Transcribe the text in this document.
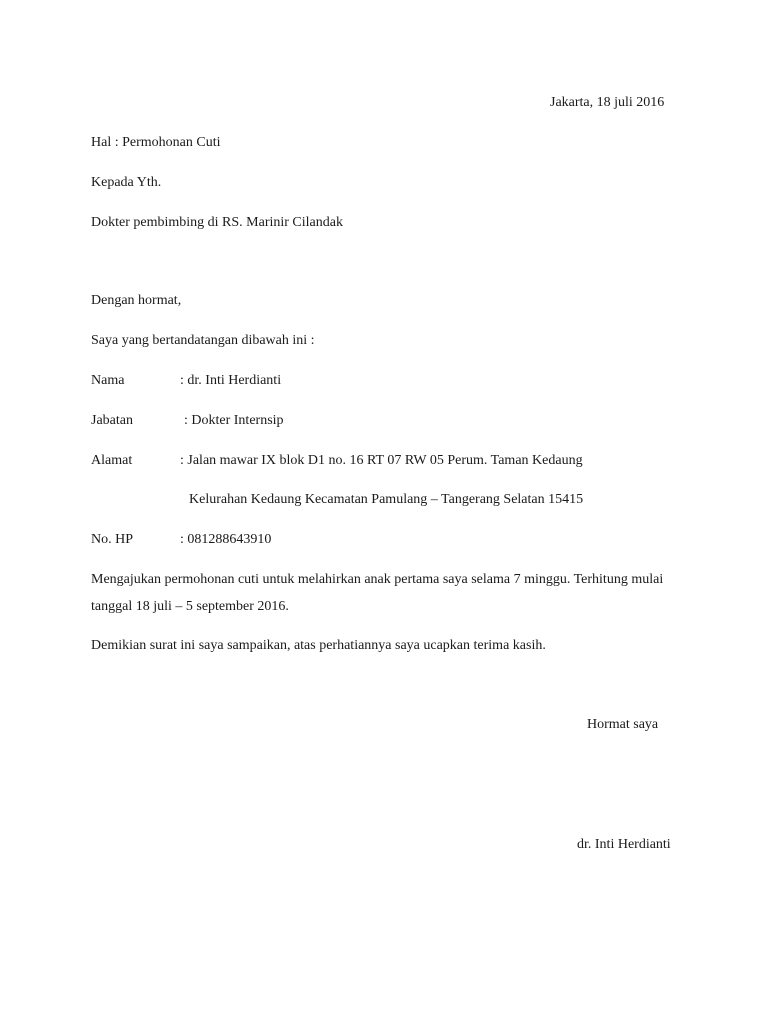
Jakarta, 18 juli 2016
Hal : Permohonan Cuti
Kepada Yth.
Dokter pembimbing di RS. Marinir Cilandak
Dengan hormat,
Saya yang bertandatangan dibawah ini :
Nama	: dr. Inti Herdianti
Jabatan	: Dokter Internsip
Alamat	: Jalan mawar IX blok D1 no. 16 RT 07 RW 05 Perum. Taman Kedaung
Kelurahan Kedaung Kecamatan Pamulang – Tangerang Selatan 15415
No. HP	: 081288643910
Mengajukan permohonan cuti untuk melahirkan anak pertama saya selama 7 minggu. Terhitung mulai tanggal 18 juli – 5 september 2016.
Demikian surat ini saya sampaikan, atas perhatiannya saya ucapkan terima kasih.
Hormat saya
dr. Inti Herdianti
